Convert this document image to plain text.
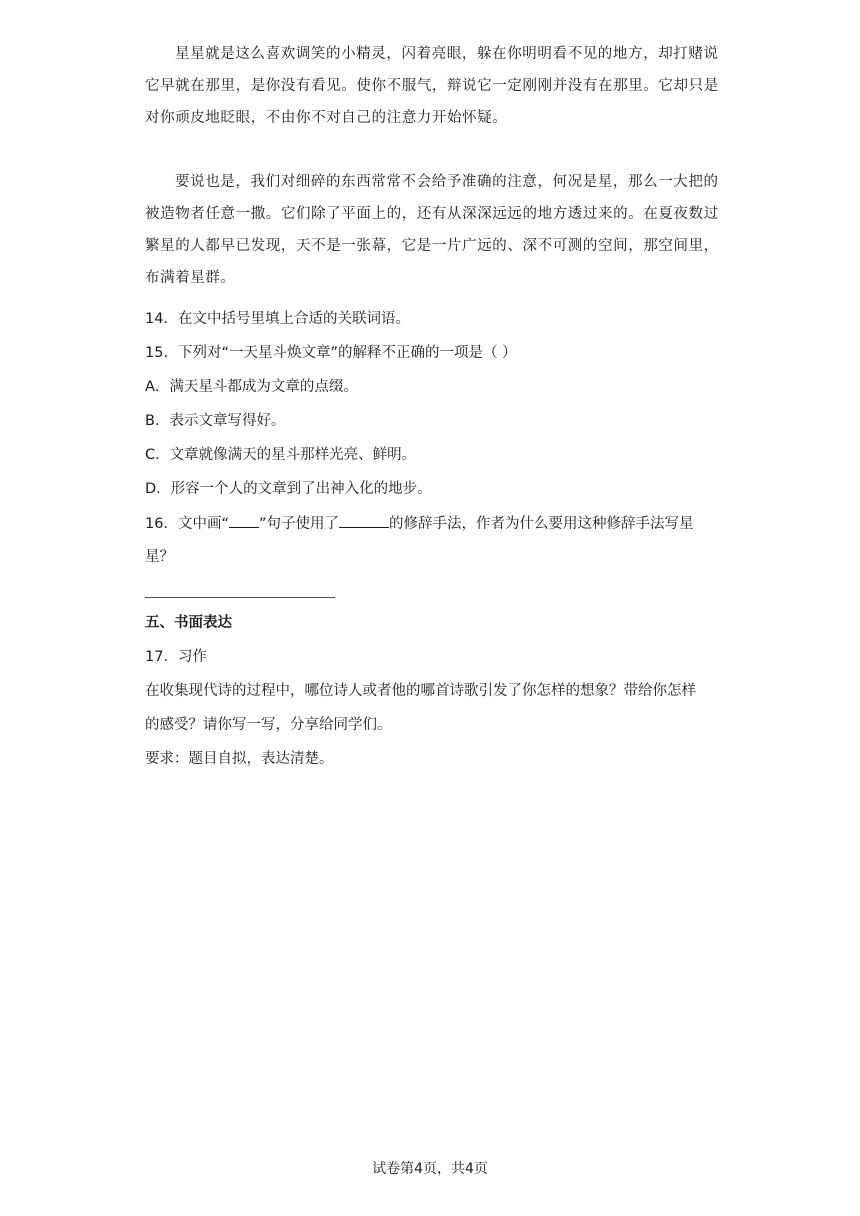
星星就是这么喜欢调笑的小精灵，闪着亮眼，躲在你明明看不见的地方，却打赌说它早就在那里，是你没有看见。使你不服气，辩说它一定刚刚并没有在那里。它却只是对你顽皮地眨眼，不由你不对自己的注意力开始怀疑。

要说也是，我们对细碎的东西常常不会给予准确的注意，何况是星，那么一大把的被造物者任意一撒。它们除了平面上的，还有从深深远远的地方透过来的。在夏夜数过繁星的人都早已发现，天不是一张幕，它是一片广远的、深不可测的空间，那空间里，布满着星群。

14．在文中括号里填上合适的关联词语。
15．下列对“一天星斗焕文章”的解释不正确的一项是（ ）
A．满天星斗都成为文章的点缀。
B．表示文章写得好。
C．文章就像满天的星斗那样光亮、鲜明。
D．形容一个人的文章到了出神入化的地步。
16．文中画“ ”句子使用了	的修辞手法，作者为什么要用这种修辞手法写星
星？
五、书面表达
17．习作
在收集现代诗的过程中，哪位诗人或者他的哪首诗歌引发了你怎样的想象？带给你怎样
的感受？请你写一写，分享给同学们。
要求：题目自拟，表达清楚。
试卷第4页，共4页
